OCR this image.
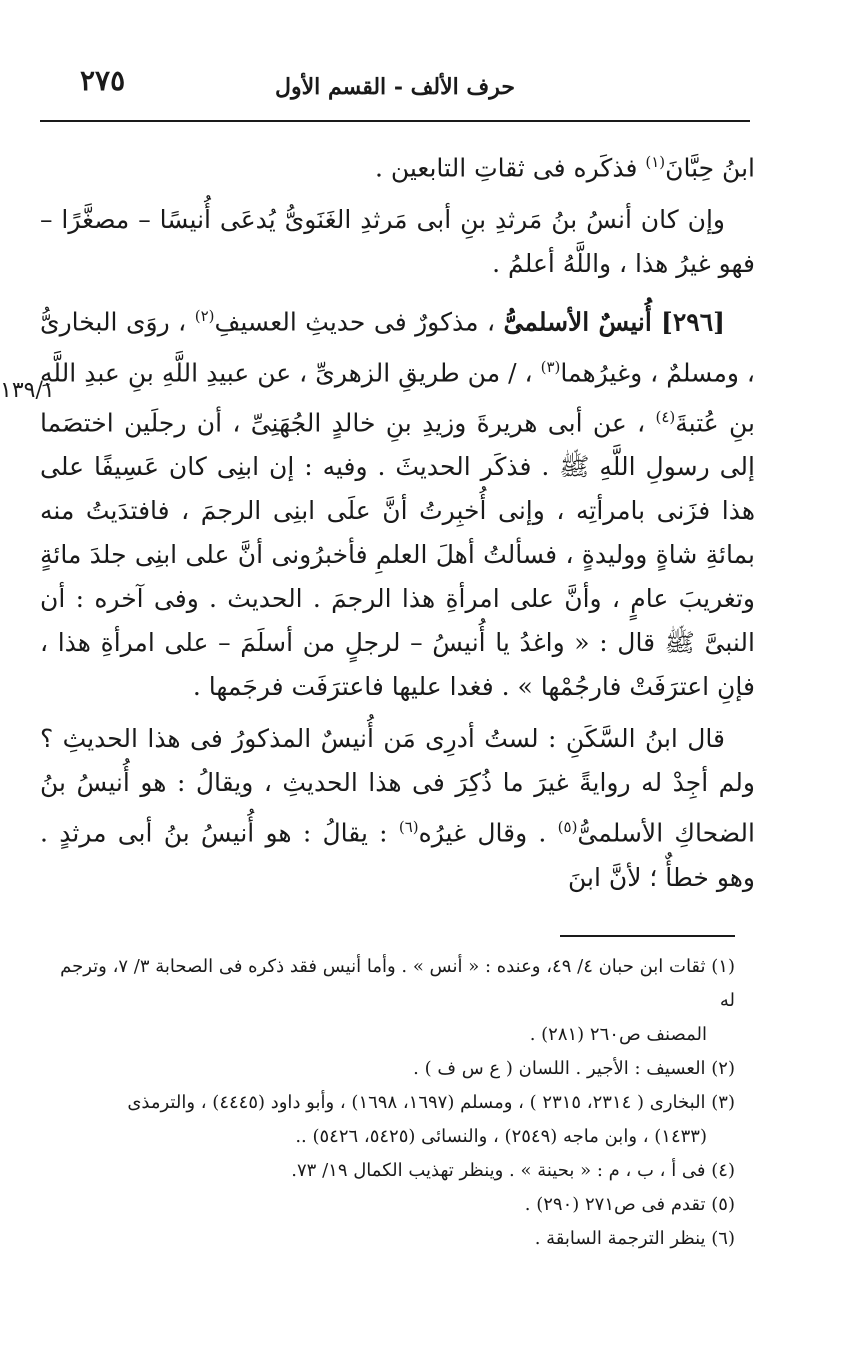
٢٧٥	حرف الألف - القسم الأول
١٣٩/١

ابنُ حِبَّانَ$^{(١)}$ فذكَره فى ثقاتِ التابعين .

وإن كان أنسُ بنُ مَرثدِ بنِ أبى مَرثدِ الغَنَوىُّ يُدعَى أُنيسًا – مصغَّرًا – فهو غيرُ هذا ، واللَّهُ أعلمُ .

[٢٩٦] أُنيسٌ الأسلمىُّ ، مذكورٌ فى حديثِ العسيفِ$^{(٢)}$ ، روَى البخارىُّ ، ومسلمٌ ، وغيرُهما$^{(٣)}$ ، / من طريقِ الزهرىِّ ، عن عبيدِ اللَّهِ بنِ عبدِ اللَّهِ بنِ عُتبةَ$^{(٤)}$ ، عن أبى هريرةَ وزيدِ بنِ خالدٍ الجُهَنِىِّ ، أن رجلَين اختصَما إلى رسولِ اللَّهِ ﷺ . فذكَر الحديثَ . وفيه : إن ابنِى كان عَسِيفًا على هذا فزَنى بامرأتِه ، وإنى أُخبِرتُ أنَّ علَى ابنِى الرجمَ ، فافتدَيتُ منه بمائةِ شاةٍ ووليدةٍ ، فسألتُ أهلَ العلمِ فأخبرُونى أنَّ على ابنِى جلدَ مائةٍ وتغريبَ عامٍ ، وأنَّ على امرأةِ هذا الرجمَ . الحديث . وفى آخره : أن النبىَّ ﷺ قال : « واغدُ يا أُنيسُ – لرجلٍ من أسلَمَ – على امرأةِ هذا ، فإنِ اعترَفَتْ فارجُمْها » . فغدا عليها فاعترَفَت فرجَمها .

قال ابنُ السَّكَنِ : لستُ أدرِى مَن أُنيسٌ المذكورُ فى هذا الحديثِ ؟ ولم أجِدْ له روايةً غيرَ ما ذُكِرَ فى هذا الحديثِ ، ويقالُ : هو أُنيسُ بنُ الضحاكِ الأسلمىُّ$^{(٥)}$ . وقال غيرُه$^{(٦)}$ : يقالُ : هو أُنيسُ بنُ أبى مرثدٍ . وهو خطأٌ ؛ لأنَّ ابنَ

(١) ثقات ابن حبان ٤/ ٤٩، وعنده : « أنس » . وأما أنيس فقد ذكره فى الصحابة ٣/ ٧، وترجم له

المصنف ص٢٦٠ (٢٨١) .

(٢) العسيف : الأجير . اللسان ( ع س ف ) .

(٣) البخارى ( ٢٣١٤، ٢٣١٥ ) ، ومسلم (١٦٩٧، ١٦٩٨) ، وأبو داود (٤٤٤٥) ، والترمذى

(١٤٣٣) ، وابن ماجه (٢٥٤٩) ، والنسائى (٥٤٢٥، ٥٤٢٦) ..

(٤) فى أ ، ب ، م : « بحينة » . وينظر تهذيب الكمال ١٩/ ٧٣.

(٥) تقدم فى ص٢٧١ (٢٩٠) .

(٦) ينظر الترجمة السابقة .
